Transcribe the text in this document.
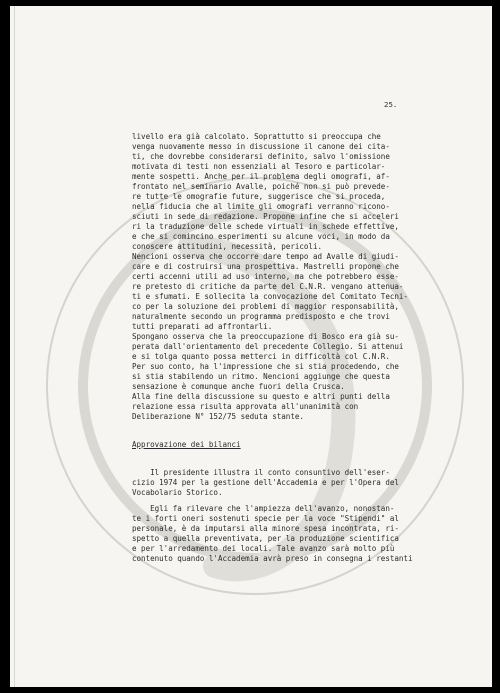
25.
livello era già calcolato. Soprattutto si preoccupa che
venga nuovamente messo in discussione il canone dei cita-
ti, che dovrebbe considerarsi definito, salvo l'omissione
motivata di testi non essenziali al Tesoro e particolar-
mente sospetti. Anche per il problema degli omografi, af-
frontato nel seminario Avalle, poiché non si può prevede-
re tutte le omografie future, suggerisce che si proceda,
nella fiducia che al limite gli omografi verranno ricono-
sciuti in sede di redazione. Propone infine che si acceleri
ri la traduzione delle schede virtuali in schede effettive,
e che si comincino esperimenti su alcune voci, in modo da
conoscere attitudini, necessità, pericoli.
Nencioni osserva che occorre dare tempo ad Avalle di giudi-
care e di costruirsi una prospettiva. Mastrelli propone che
certi accenni utili ad uso interno, ma che potrebbero esse-
re pretesto di critiche da parte del C.N.R. vengano attenua-
ti e sfumati. E sollecita la convocazione del Comitato Tecni-
co per la soluzione dei problemi di maggior responsabilità,
naturalmente secondo un programma predisposto e che trovi
tutti preparati ad affrontarli.
Spongano osserva che la preoccupazione di Bosco era già su-
perata dall'orientamento del precedente Collegio. Si attenui
e si tolga quanto possa metterci in difficoltà col C.N.R.
Per suo conto, ha l'impressione che si stia procedendo, che
si stia stabilendo un ritmo. Nencioni aggiunge che questa
sensazione è comunque anche fuori della Crusca.
Alla fine della discussione su questo e altri punti della
relazione essa risulta approvata all'unanimità con
Deliberazione N° 152/75 seduta stante.
Approvazione dei bilanci
Il presidente illustra il conto consuntivo dell'eser-
cizio 1974 per la gestione dell'Accademia e per l'Opera del
Vocabolario Storico.
Egli fa rilevare che l'ampiezza dell'avanzo, nonostan-
te i forti oneri sostenuti specie per la voce "Stipendi" al
personale, è da imputarsi alla minore spesa incontrata, ri-
spetto a quella preventivata, per la produzione scientifica
e per l'arredamento dei locali. Tale avanzo sarà molto più
contenuto quando l'Accademia avrà preso in consegna i restanti
